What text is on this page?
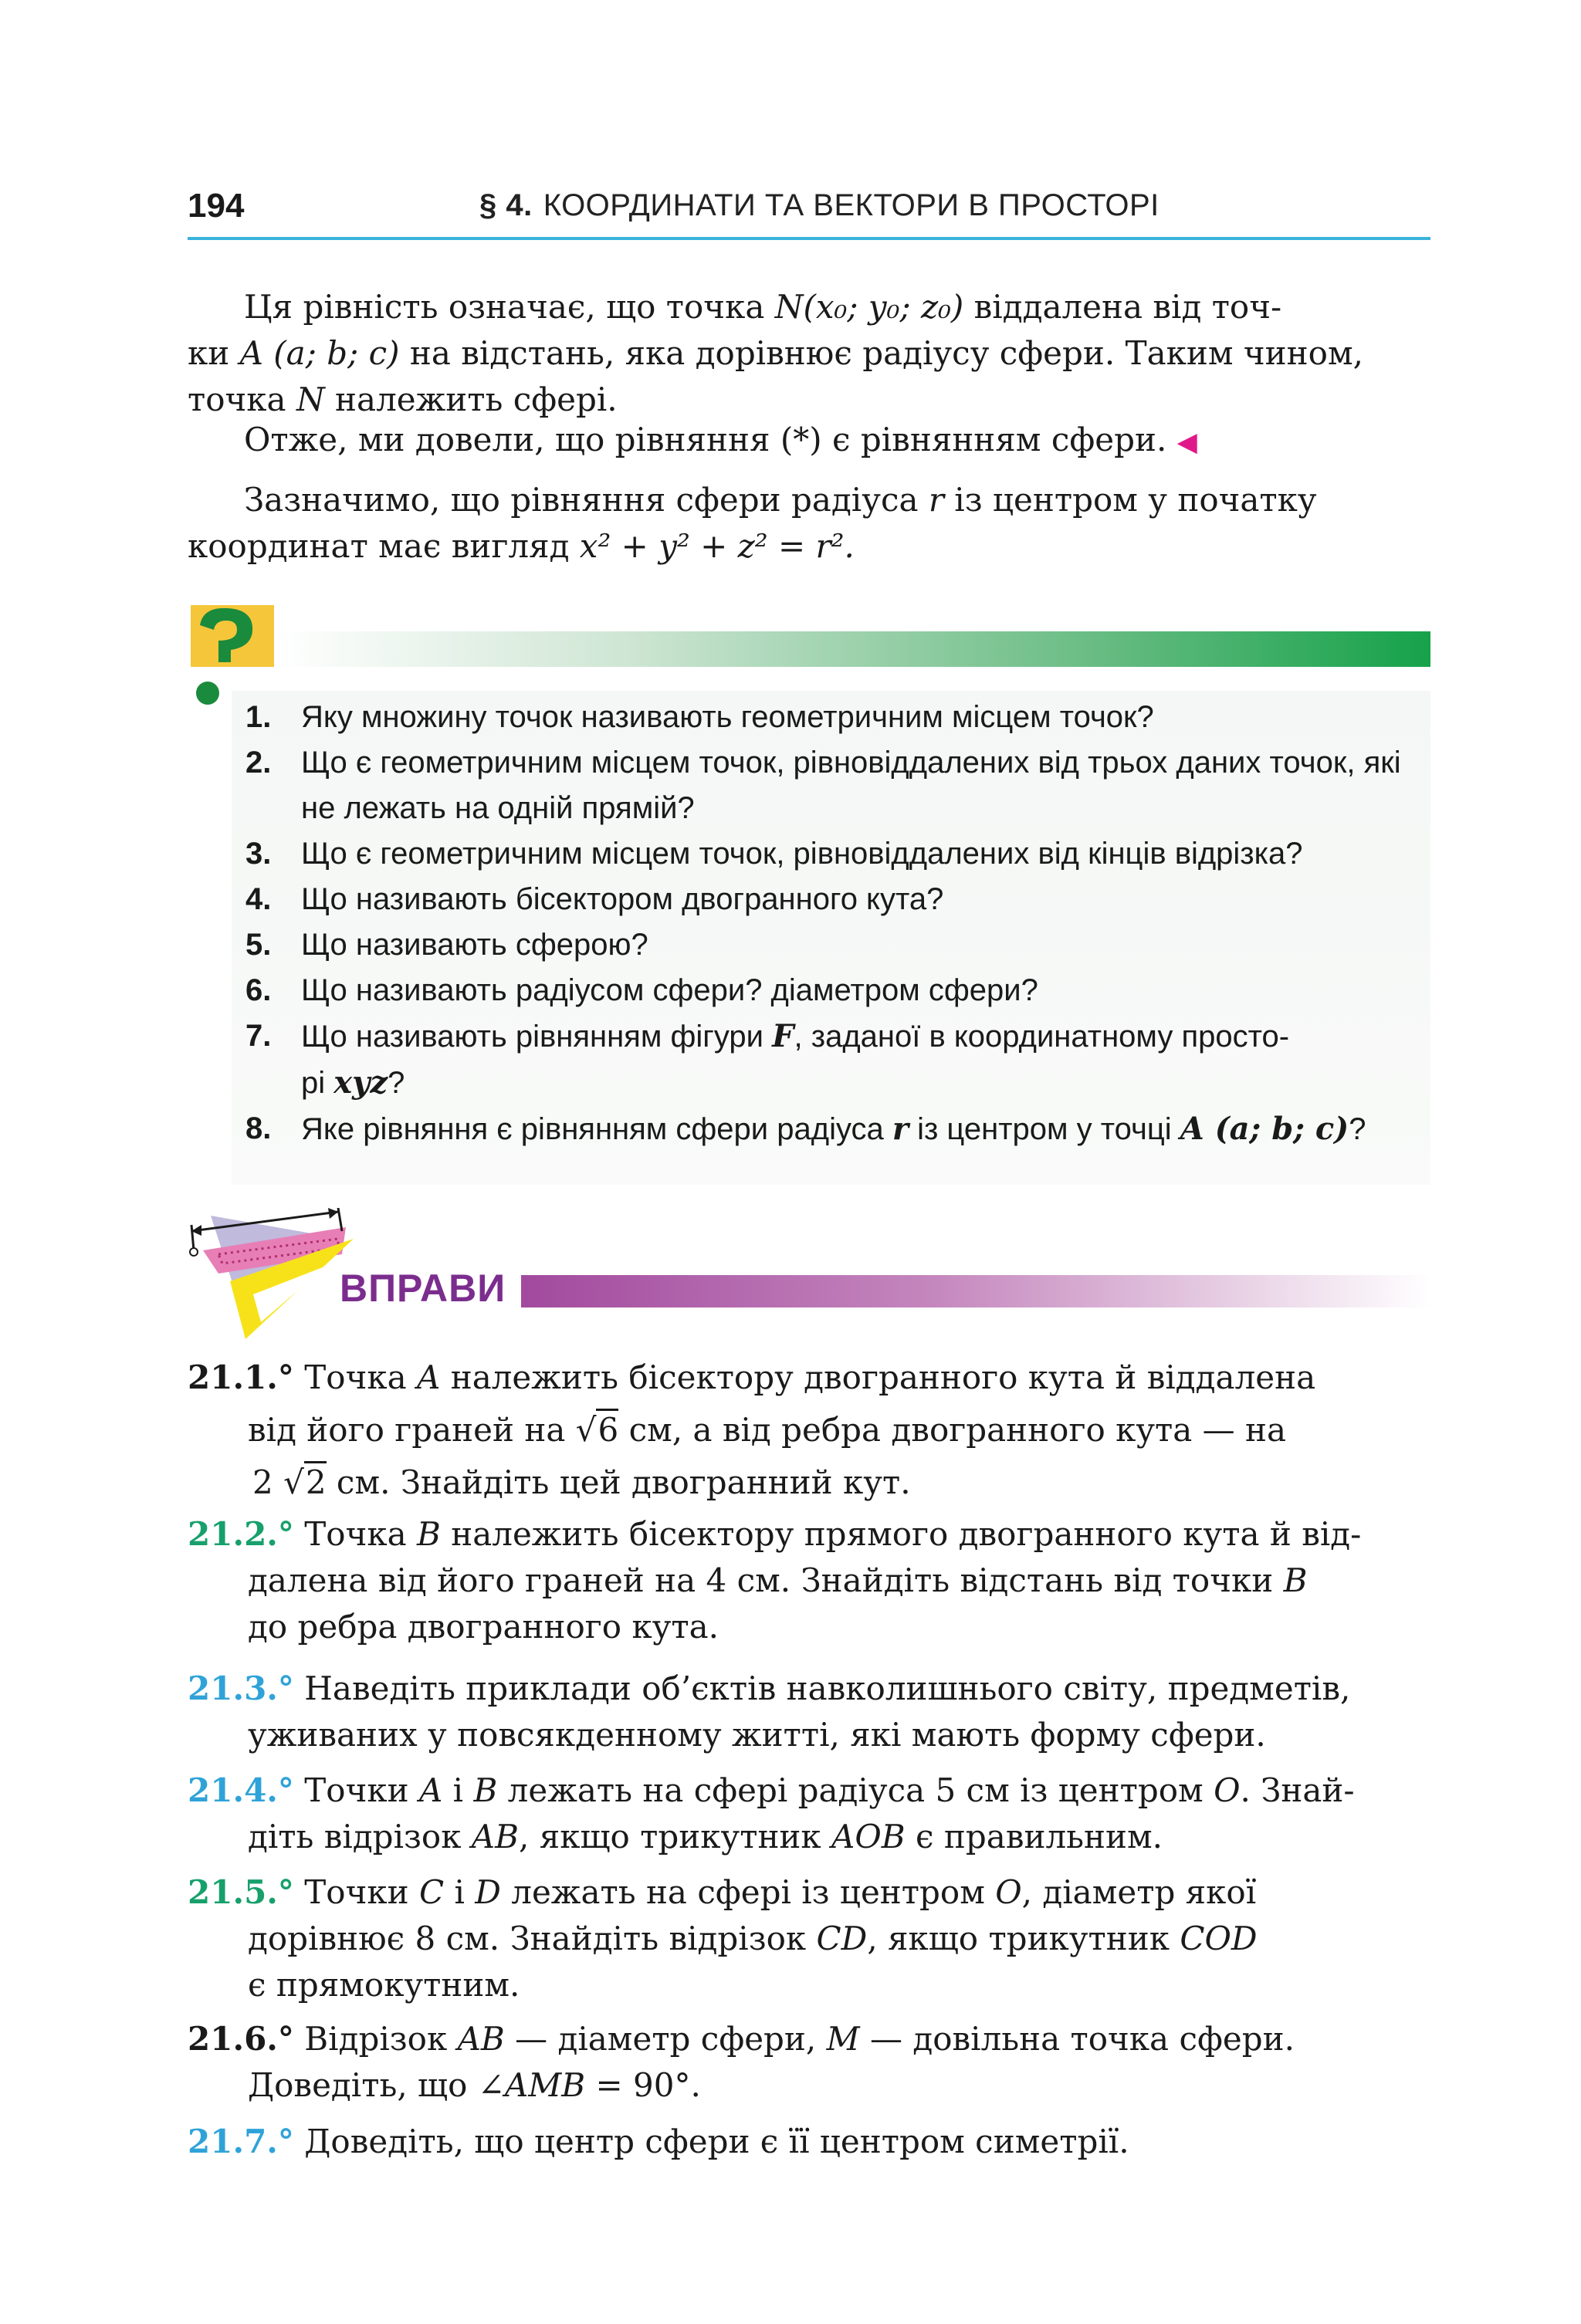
194	§ 4. КООРДИНАТИ ТА ВЕКТОРИ В ПРОСТОРІ
Ця рівність означає, що точка N(x₀; y₀; z₀) віддалена від точ-
ки A (a; b; c) на відстань, яка дорівнює радіусу сфери. Таким чином,
точка N належить сфері.
Отже, ми довели, що рівняння (*) є рівнянням сфери. ◀
Зазначимо, що рівняння сфери радіуса r із центром у початку
координат має вигляд x² + y² + z² = r².
1. Яку множину точок називають геометричним місцем точок?
2. Що є геометричним місцем точок, рівновіддалених від трьох даних точок, які не лежать на одній прямій?
3. Що є геометричним місцем точок, рівновіддалених від кінців відрізка?
4. Що називають бісектором двогранного кута?
5. Що називають сферою?
6. Що називають радіусом сфери? діаметром сфери?
7. Що називають рівнянням фігури F, заданої в координатному просто-
рі xyz?
8. Яке рівняння є рівнянням сфери радіуса r із центром у точці A (a; b; c)?
ВПРАВИ
21.1.° Точка A належить бісектору двогранного кута й віддалена
від його граней на √6 см, а від ребра двогранного кута — на
2 √2 см. Знайдіть цей двогранний кут.
21.2.° Точка B належить бісектору прямого двогранного кута й від-
далена від його граней на 4 см. Знайдіть відстань від точки B
до ребра двогранного кута.
21.3.° Наведіть приклади об’єктів навколишнього світу, предметів,
уживаних у повсякденному житті, які мають форму сфери.
21.4.° Точки A і B лежать на сфері радіуса 5 см із центром O. Знай-
діть відрізок AB, якщо трикутник AOB є правильним.
21.5.° Точки C і D лежать на сфері із центром O, діаметр якої
дорівнює 8 см. Знайдіть відрізок CD, якщо трикутник COD
є прямокутним.
21.6.° Відрізок AB — діаметр сфери, M — довільна точка сфери.
Доведіть, що ∠AMB = 90°.
21.7.° Доведіть, що центр сфери є її центром симетрії.
